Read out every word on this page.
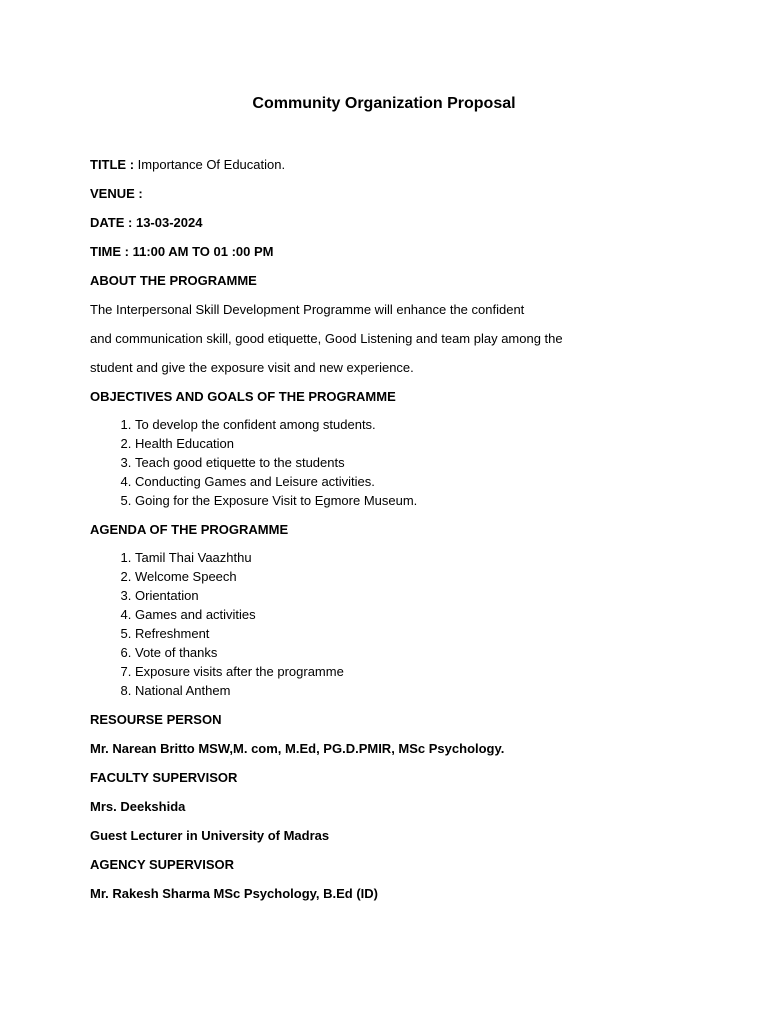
Community Organization Proposal
TITLE : Importance Of Education.
VENUE :
DATE : 13-03-2024
TIME : 11:00 AM TO 01 :00 PM
ABOUT THE PROGRAMME
The Interpersonal Skill Development Programme will enhance the confident
and communication skill, good etiquette, Good Listening and team play among the
student and give the exposure visit and new experience.
OBJECTIVES AND GOALS OF THE PROGRAMME
1. To develop the confident among students.
2. Health Education
3. Teach good etiquette to the students
4. Conducting Games and Leisure activities.
5. Going for the Exposure Visit to Egmore Museum.
AGENDA OF THE PROGRAMME
1. Tamil Thai Vaazhthu
2. Welcome Speech
3. Orientation
4. Games and activities
5. Refreshment
6. Vote of thanks
7. Exposure visits after the programme
8. National Anthem
RESOURSE PERSON
Mr. Narean Britto MSW,M. com, M.Ed, PG.D.PMIR, MSc Psychology.
FACULTY SUPERVISOR
Mrs. Deekshida
Guest Lecturer in University of Madras
AGENCY SUPERVISOR
Mr. Rakesh Sharma MSc Psychology, B.Ed (ID)
